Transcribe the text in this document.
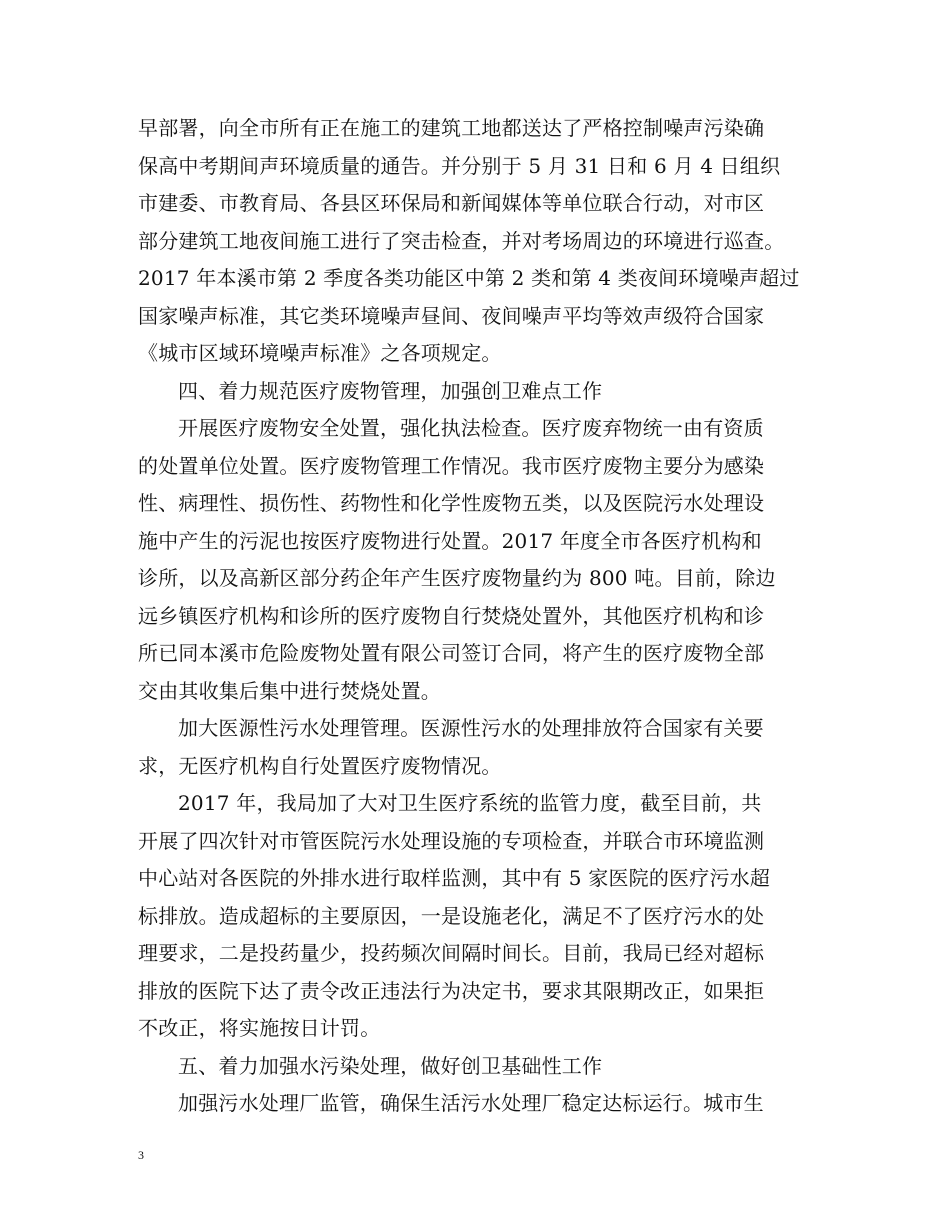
早部署，向全市所有正在施工的建筑工地都送达了严格控制噪声污染确
保高中考期间声环境质量的通告。并分别于 5 月 31 日和 6 月 4 日组织
市建委、市教育局、各县区环保局和新闻媒体等单位联合行动，对市区
部分建筑工地夜间施工进行了突击检查，并对考场周边的环境进行巡查。
2017 年本溪市第 2 季度各类功能区中第 2 类和第 4 类夜间环境噪声超过
国家噪声标准，其它类环境噪声昼间、夜间噪声平均等效声级符合国家
《城市区域环境噪声标准》之各项规定。
四、着力规范医疗废物管理，加强创卫难点工作
开展医疗废物安全处置，强化执法检查。医疗废弃物统一由有资质
的处置单位处置。医疗废物管理工作情况。我市医疗废物主要分为感染
性、病理性、损伤性、药物性和化学性废物五类，以及医院污水处理设
施中产生的污泥也按医疗废物进行处置。2017 年度全市各医疗机构和
诊所，以及高新区部分药企年产生医疗废物量约为 800 吨。目前，除边
远乡镇医疗机构和诊所的医疗废物自行焚烧处置外，其他医疗机构和诊
所已同本溪市危险废物处置有限公司签订合同，将产生的医疗废物全部
交由其收集后集中进行焚烧处置。
加大医源性污水处理管理。医源性污水的处理排放符合国家有关要
求，无医疗机构自行处置医疗废物情况。
2017 年，我局加了大对卫生医疗系统的监管力度，截至目前，共
开展了四次针对市管医院污水处理设施的专项检查，并联合市环境监测
中心站对各医院的外排水进行取样监测，其中有 5 家医院的医疗污水超
标排放。造成超标的主要原因，一是设施老化，满足不了医疗污水的处
理要求，二是投药量少，投药频次间隔时间长。目前，我局已经对超标
排放的医院下达了责令改正违法行为决定书，要求其限期改正，如果拒
不改正，将实施按日计罚。
五、着力加强水污染处理，做好创卫基础性工作
加强污水处理厂监管，确保生活污水处理厂稳定达标运行。城市生
3
